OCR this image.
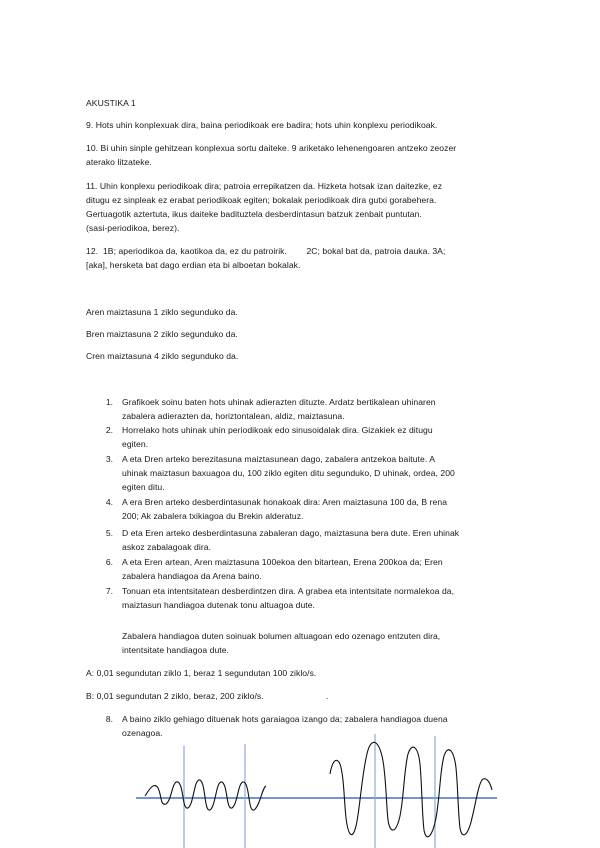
AKUSTIKA 1
9. Hots uhin konplexuak dira, baina periodikoak ere badira; hots uhin konplexu periodikoak.
10. Bi uhin sinple gehitzean konplexua sortu daiteke. 9 ariketako lehenengoaren antzeko zeozer
aterako litzateke.
11. Uhin konplexu periodikoak dira; patroia errepikatzen da. Hizketa hotsak izan daitezke, ez
ditugu ez sinpleak ez erabat periodikoak egiten; bokalak periodikoak dira gutxi gorabehera.
Gertuagotik aztertuta, ikus daiteke badituztela desberdintasun batzuk zenbait puntutan.
(sasi-periodikoa, berez).
12.  1B; aperiodikoa da, kaotikoa da, ez du patroirik.        2C; bokal bat da, patroia dauka. 3A;
[aka], hersketa bat dago erdian eta bi alboetan bokalak.
Aren maiztasuna 1 ziklo segunduko da.
Bren maiztasuna 2 ziklo segunduko da.
Cren maiztasuna 4 ziklo segunduko da.
1. Grafikoek soinu baten hots uhinak adierazten dituzte. Ardatz bertikalean uhinaren
zabalera adierazten da, horiztontalean, aldiz, maiztasuna.
2. Horrelako hots uhinak uhin periodikoak edo sinusoidalak dira. Gizakiek ez ditugu
egiten.
3. A eta Dren arteko berezitasuna maiztasunean dago, zabalera antzekoa baitute. A
uhinak maiztasun baxuagoa du, 100 ziklo egiten ditu segunduko, D uhinak, ordea, 200
egiten ditu.
4. A era Bren arteko desberdintasunak honakoak dira: Aren maiztasuna 100 da, B rena
200; Ak zabalera txikiagoa du Brekin alderatuz.
5. D eta Eren arteko desberdintasuna zabaleran dago, maiztasuna bera dute. Eren uhinak
askoz zabalagoak dira.
6. A eta Eren artean, Aren maiztasuna 100ekoa den bitartean, Erena 200koa da; Eren
zabalera handiagoa da Arena baino.
7. Tonuan eta intentsitatean desberdintzen dira. A grabea eta intentsitate normalekoa da,
maiztasun handiagoa dutenak tonu altuagoa dute.
Zabalera handiagoa duten soinuak bolumen altuagoan edo ozenago entzuten dira,
intentsitate handiagoa dute.
A: 0,01 segundutan ziklo 1, beraz 1 segundutan 100 ziklo/s.
B: 0,01 segundutan 2 ziklo, beraz, 200 ziklo/s.	.
8. A baino ziklo gehiago dituenak hots garaiagoa izango da; zabalera handiagoa duena
ozenagoa.
